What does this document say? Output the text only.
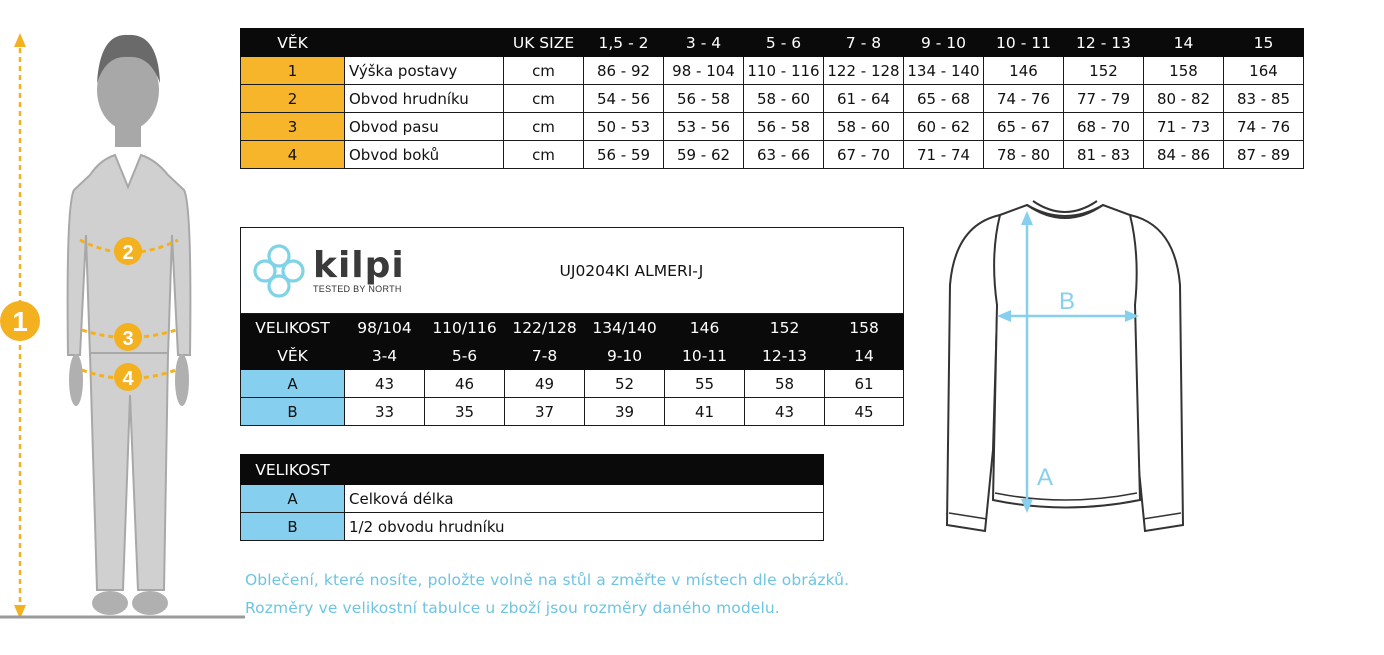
1
2
3
4
VĚK		UK SIZE	1,5 - 2	3 - 4	5 - 6	7 - 8	9 - 10	10 - 11	12 - 13	14	15
1	Výška postavy	cm	86 - 92	98 - 104	110 - 116	122 - 128	134 - 140	146	152	158	164
2	Obvod hrudníku	cm	54 - 56	56 - 58	58 - 60	61 - 64	65 - 68	74 - 76	77 - 79	80 - 82	83 - 85
3	Obvod pasu	cm	50 - 53	53 - 56	56 - 58	58 - 60	60 - 62	65 - 67	68 - 70	71 - 73	74 - 76
4	Obvod boků	cm	56 - 59	59 - 62	63 - 66	67 - 70	71 - 74	78 - 80	81 - 83	84 - 86	87 - 89
kilpi
TESTED BY NORTH			UJ0204KI ALMERI-J				
VELIKOST	98/104	110/116	122/128	134/140	146	152	158
VĚK	3-4	5-6	7-8	9-10	10-11	12-13	14
A	43	46	49	52	55	58	61
B	33	35	37	39	41	43	45
VELIKOST	
A	Celková délka
B	1/2 obvodu hrudníku
A
B
Oblečení, které nosíte, položte volně na stůl a změřte v místech dle obrázků.
Rozměry ve velikostní tabulce u zboží jsou rozměry daného modelu.
